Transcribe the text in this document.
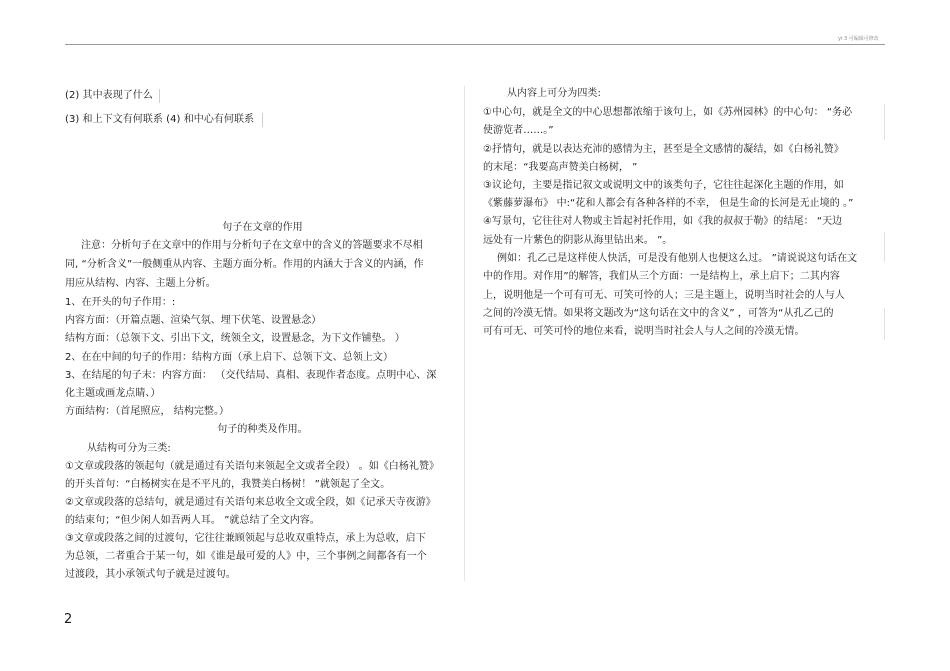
yl 3 可编辑可修改
(2) 其中表现了什么
(3) 和上下文有何联系 (4) 和中心有何联系
句子在文章的作用
注意：分析句子在文章中的作用与分析句子在文章中的含义的答题要求不尽相
同, “分析含义”一般侧重从内容、主题方面分析。作用的内涵大于含义的内涵，作
用应从结构、内容、主题上分析。
1、在开头的句子作用：:
内容方面：（开篇点题、渲染气氛、埋下伏笔、设置悬念）
结构方面：（总领下文、引出下文，统领全文，设置悬念，为下文作铺垫。 ）
2、在在中间的句子的作用：结构方面（承上启下、总领下文、总领上文）
3、在结尾的句子末：内容方面： （交代结局、真相、表现作者态度。点明中心、深
化主题或画龙点睛、）
方面结构：（首尾照应， 结构完整。）
句子的种类及作用。
从结构可分为三类:
①文章或段落的领起句（就是通过有关语句来领起全文或者全段） 。如《白杨礼赞》
的开头首句：“白杨树实在是不平凡的，我赞美白杨树！ ”就领起了全文。
②文章或段落的总结句，就是通过有关语句来总收全文或全段，如《记承天寺夜游》
的结束句；“但少闲人如吾两人耳。 ”就总结了全文内容。
③文章或段落之间的过渡句，它往往兼顾领起与总收双重特点，承上为总收，启下
为总领，二者重合于某一句，如《谁是最可爱的人》中，三个事例之间都各有一个
过渡段，其小承领式句子就是过渡句。
从内容上可分为四类:
①中心句，就是全文的中心思想都浓缩于该句上，如《苏州园林》的中心句： “务必
使游览者……。”
②抒情句，就是以表达充沛的感情为主，甚至是全文感情的凝结，如《白杨礼赞》
的末尾：“我要高声赞美白杨树， ”
③议论句，主要是指记叙文或说明文中的该类句子，它往往起深化主题的作用，如
《紫藤萝瀑布》 中:“花和人都会有各种各样的不幸， 但是生命的长河是无止境的 。”
④写景句，它往往对人物或主旨起衬托作用，如《我的叔叔于勒》的结尾： “天边
远处有一片紫色的阴影从海里钻出来。 ”。
例如：孔乙己是这样使人快活，可是没有他别人也便这么过。 ”请说说这句话在文
中的作用。对作用”的解答，我们从三个方面：一是结构上，承上启下；二其内容
上，说明他是一个可有可无、可笑可怜的人；三是主题上，说明当时社会的人与人
之间的冷漠无情。如果将文题改为“这句话在文中的含义” ，可答为“从孔乙己的
可有可无、可笑可怜的地位来看，说明当时社会人与人之间的冷漠无情。
2
